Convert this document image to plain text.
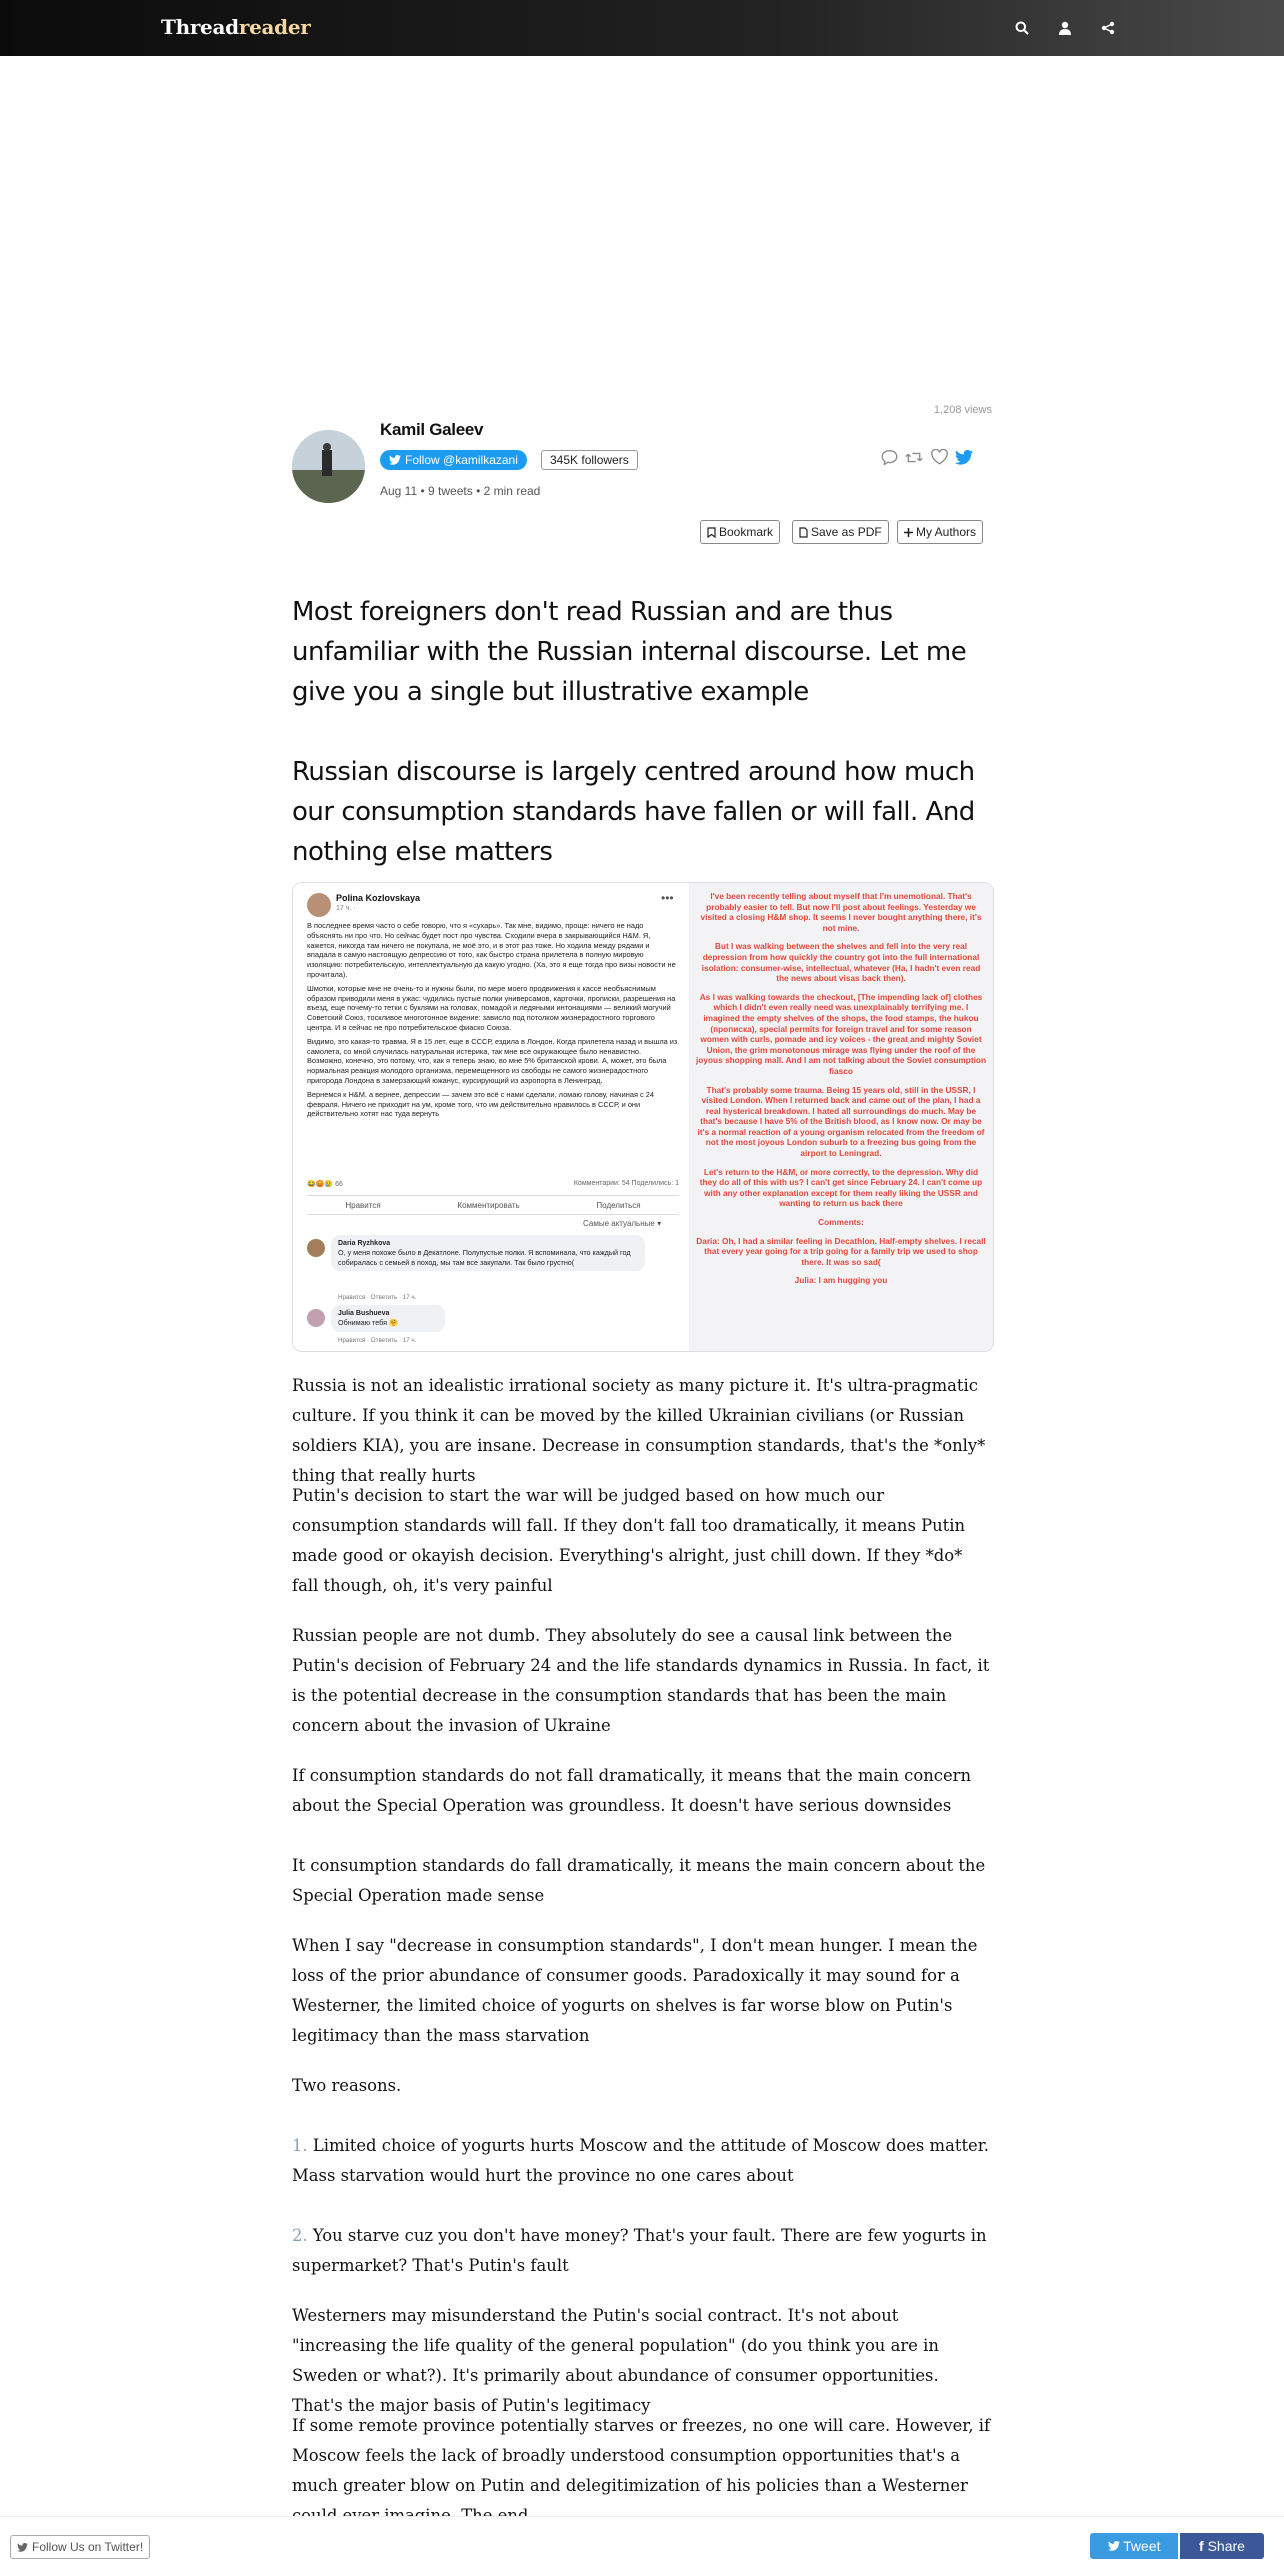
Threadreader
1,208 views
Kamil Galeev
Follow @kamilkazani	345K followers
Aug 11 • 9 tweets • 2 min read
Bookmark	Save as PDF	My Authors
Most foreigners don't read Russian and are thus unfamiliar with the Russian internal discourse. Let me give you a single but illustrative example
Russian discourse is largely centred around how much our consumption standards have fallen or will fall. And nothing else matters
Polina Kozlovskaya
17 ч. ·
•••

В последнее время часто о себе говорю, что я «сухарь». Так мне, видимо, проще: ничего не надо объяснять ни про что. Но сейчас будет пост про чувства. Сходили вчера в закрывающийся H&M. Я, кажется, никогда там ничего не покупала, не моё это, и в этот раз тоже. Но ходила между рядами и впадала в самую настоящую депрессию от того, как быстро страна прилетела в полную мировую изоляцию: потребительскую, интеллектуальную да какую угодно. (Ха, это я еще тогда про визы новости не прочитала).

Шмотки, которые мне не очень-то и нужны были, по мере моего продвижения к кассе необъяснимым образом приводили меня в ужас: чудились пустые полки универсамов, карточки, прописки, разрешения на въезд, еще почему-то тетки с буклями на головах, помадой и ледяными интонациями — великий могучий Советский Союз, тоскливое многотонное видение: зависло под потолком жизнерадостного торгового центра. И я сейчас не про потребительское фиаско Союза.

Видимо, это какая-то травма. Я в 15 лет, еще в СССР, ездила в Лондон. Когда прилетела назад и вышла из самолета, со мной случилась натуральная истерика, так мне все окружающее было ненавистно. Возможно, конечно, это потому, что, как я теперь знаю, во мне 5% британской крови. А, может, это была нормальная реакция молодого организма, перемещенного из свободы не самого жизнерадостного пригорода Лондона в замерзающий южанус, курсирующий из аэропорта в Ленинград.

Вернемся к H&M, а вернее, депрессии — зачем это всё с нами сделали, ломаю голову, начиная с 24 февраля. Ничего не приходит на ум, кроме того, что им действительно нравилось в СССР, и они действительно хотят нас туда вернуть

😂😡😢 66	Комментарии: 54 Поделились: 1
Нравится	Комментировать	Поделиться
Самые актуальные ▾
Daria Ryzhkova
О, у меня похоже было в Декатлоне. Полупустые полки. Я вспоминала, что каждый год собиралась с семьей в поход, мы там все закупали. Так было грустно(
Нравится · Ответить · 17 ч.
Julia Bushueva
Обнимаю тебя 🤗
Нравится · Ответить · 17 ч.

I've been recently telling about myself that I'm unemotional. That's probably easier to tell. But now I'll post about feelings. Yesterday we visited a closing H&M shop. It seems I never bought anything there, it's not mine.

But I was walking between the shelves and fell into the very real depression from how quickly the country got into the full international isolation: consumer-wise, intellectual, whatever (Ha, I hadn't even read the news about visas back then).

As I was walking towards the checkout, [The impending lack of] clothes which I didn't even really need was unexplainably terrifying me. I imagined the empty shelves of the shops, the food stamps, the hukou (прописка), special permits for foreign travel and for some reason women with curls, pomade and icy voices - the great and mighty Soviet Union, the grim monotonous mirage was flying under the roof of the joyous shopping mall. And I am not talking about the Soviet consumption fiasco

That's probably some trauma. Being 15 years old, still in the USSR, I visited London. When I returned back and came out of the plan, I had a real hysterical breakdown. I hated all surroundings do much. May be that's because I have 5% of the British blood, as I know now. Or may be it's a normal reaction of a young organism relocated from the freedom of not the most joyous London suburb to a freezing bus going from the airport to Leningrad.

Let's return to the H&M, or more correctly, to the depression. Why did they do all of this with us? I can't get since February 24. I can't come up with any other explanation except for them really liking the USSR and wanting to return us back there

Comments:

Daria: Oh, I had a similar feeling in Decathlon. Half-empty shelves. I recall that every year going for a trip going for a family trip we used to shop there. It was so sad(

Julia: I am hugging you

Russia is not an idealistic irrational society as many picture it. It's ultra-pragmatic culture. If you think it can be moved by the killed Ukrainian civilians (or Russian soldiers KIA), you are insane. Decrease in consumption standards, that's the *only* thing that really hurts
Putin's decision to start the war will be judged based on how much our consumption standards will fall. If they don't fall too dramatically, it means Putin made good or okayish decision. Everything's alright, just chill down. If they *do* fall though, oh, it's very painful
Russian people are not dumb. They absolutely do see a causal link between the Putin's decision of February 24 and the life standards dynamics in Russia. In fact, it is the potential decrease in the consumption standards that has been the main concern about the invasion of Ukraine
If consumption standards do not fall dramatically, it means that the main concern about the Special Operation was groundless. It doesn't have serious downsides
It consumption standards do fall dramatically, it means the main concern about the Special Operation made sense
When I say "decrease in consumption standards", I don't mean hunger. I mean the loss of the prior abundance of consumer goods. Paradoxically it may sound for a Westerner, the limited choice of yogurts on shelves is far worse blow on Putin's legitimacy than the mass starvation
Two reasons.
1. Limited choice of yogurts hurts Moscow and the attitude of Moscow does matter. Mass starvation would hurt the province no one cares about
2. You starve cuz you don't have money? That's your fault. There are few yogurts in supermarket? That's Putin's fault
Westerners may misunderstand the Putin's social contract. It's not about "increasing the life quality of the general population" (do you think you are in Sweden or what?). It's primarily about abundance of consumer opportunities. That's the major basis of Putin's legitimacy
If some remote province potentially starves or freezes, no one will care. However, if Moscow feels the lack of broadly understood consumption opportunities that's a much greater blow on Putin and delegitimization of his policies than a Westerner
Follow Us on Twitter!	Tweet	f Share
